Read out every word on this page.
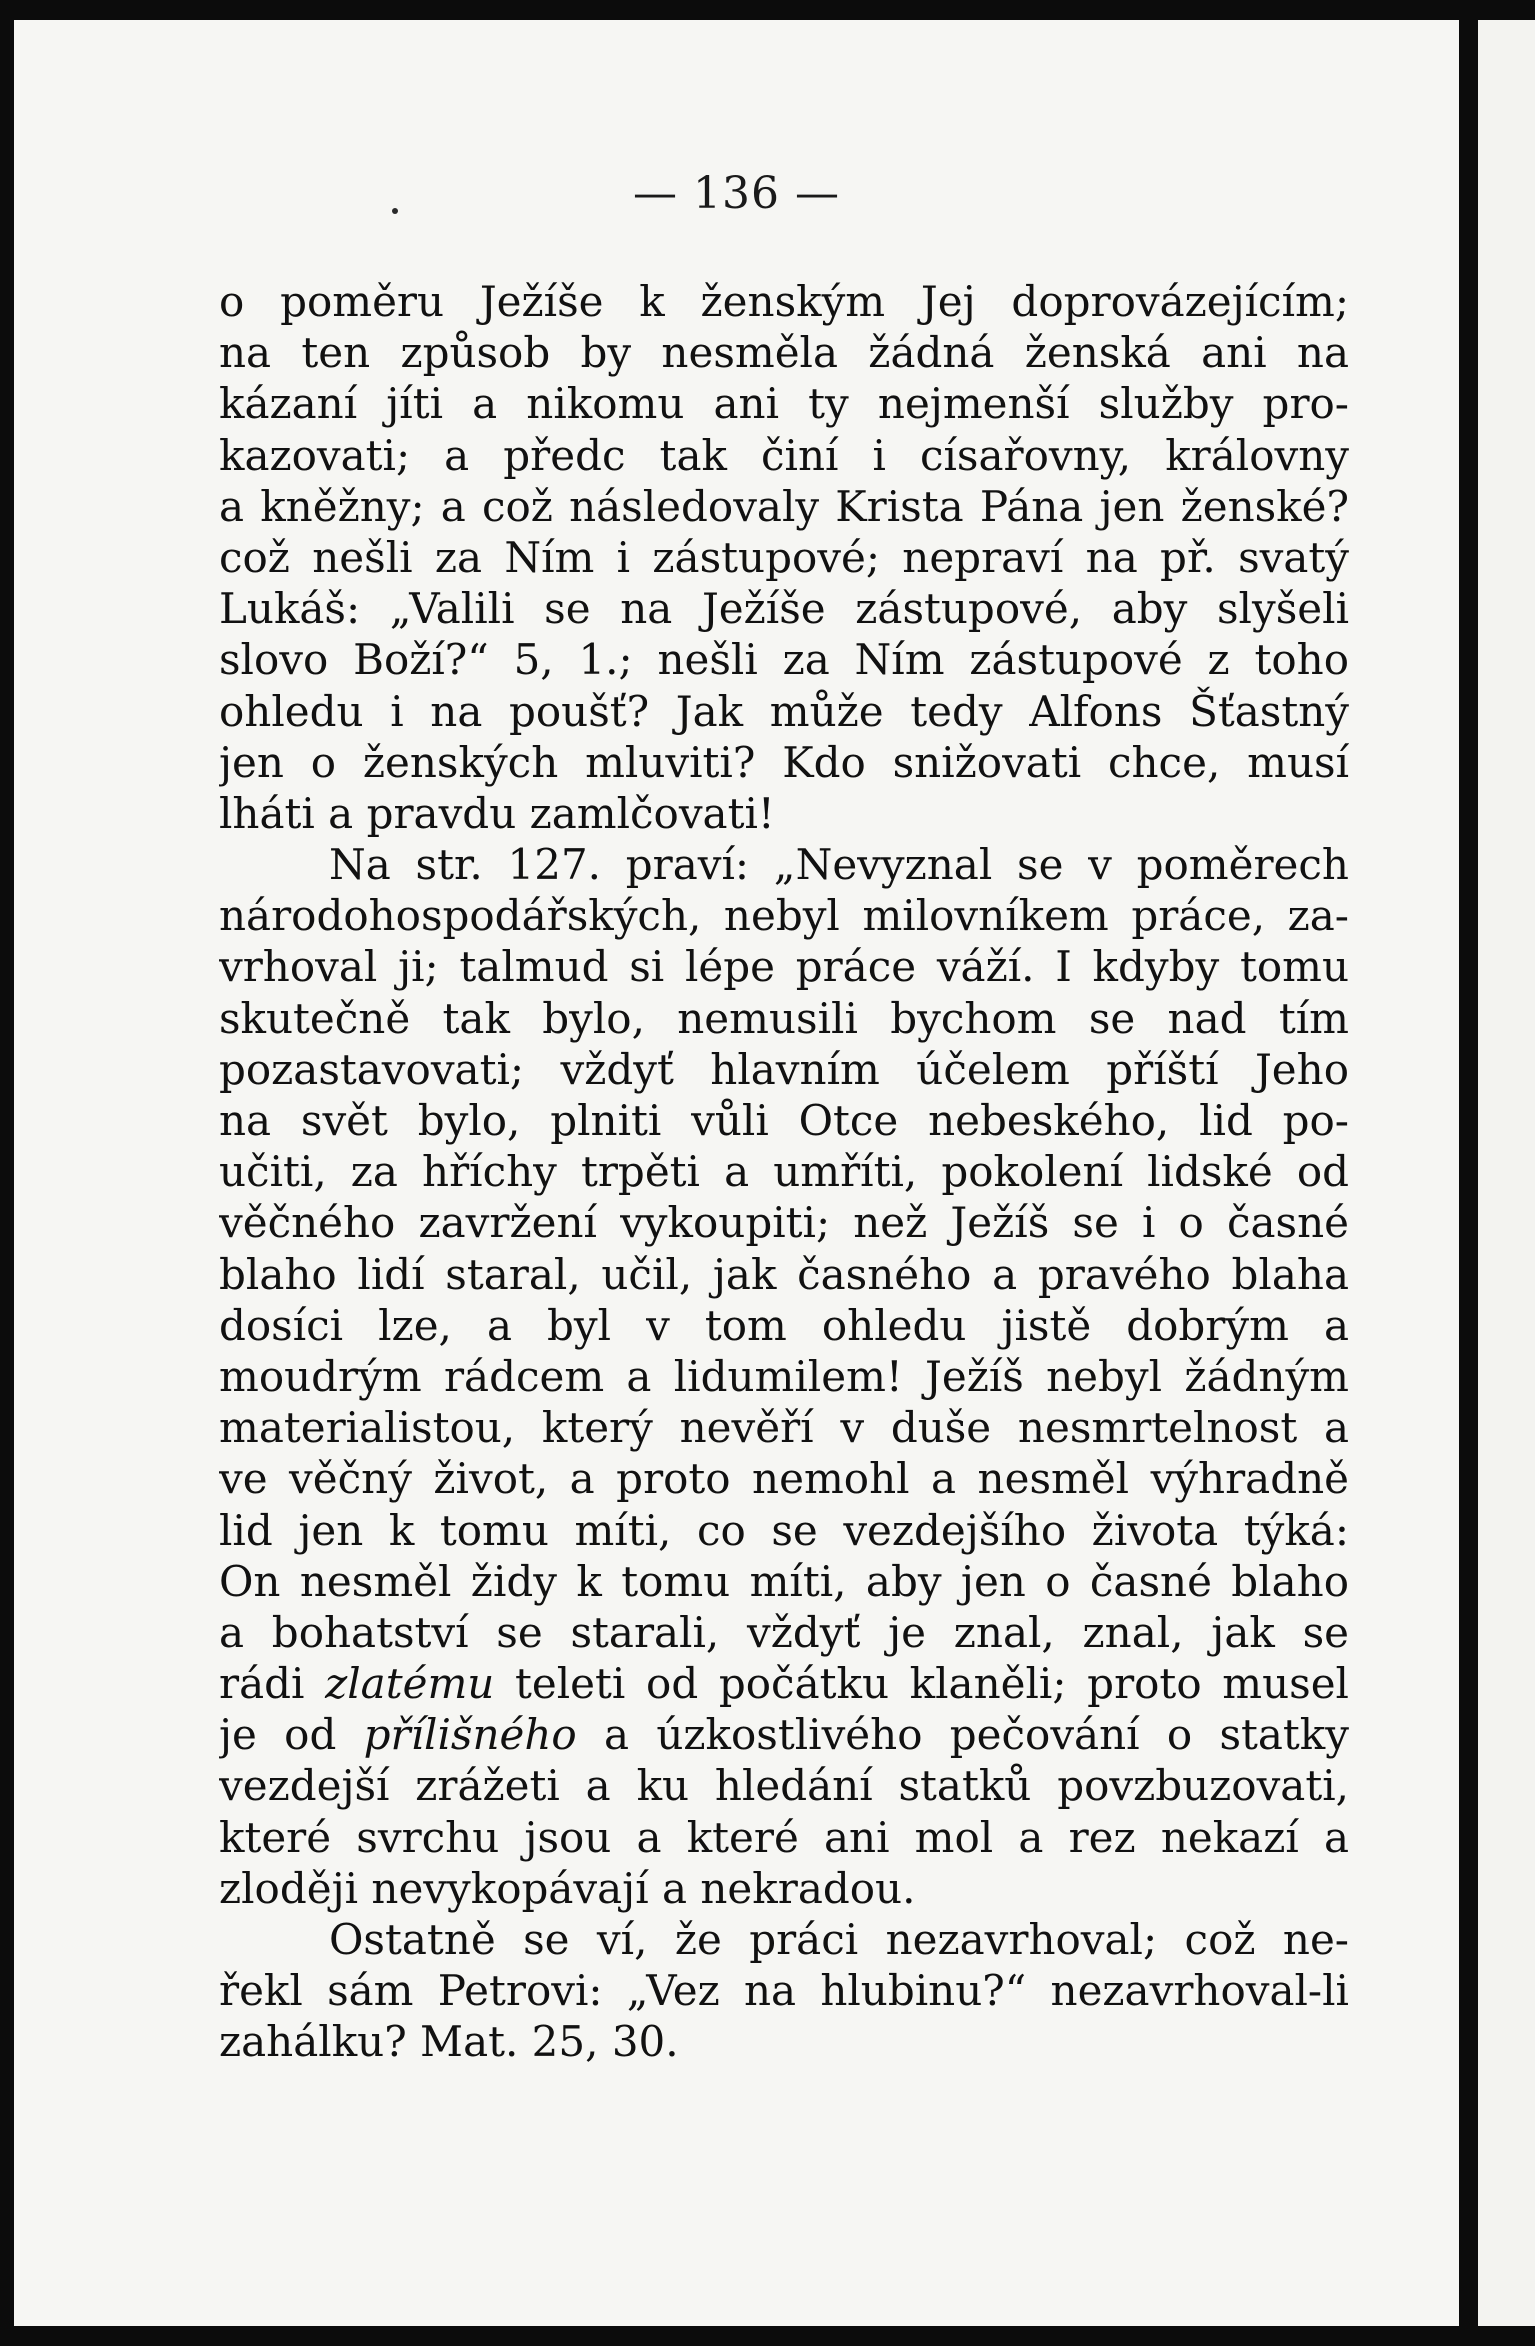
— 136 —
o poměru Ježíše k ženským Jej doprovázejícím;
na ten způsob by nesměla žádná ženská ani na
kázaní jíti a nikomu ani ty nejmenší služby pro-
kazovati; a předc tak činí i císařovny, královny
a kněžny; a což následovaly Krista Pána jen ženské?
což nešli za Ním i zástupové; nepraví na př. svatý
Lukáš: „Valili se na Ježíše zástupové, aby slyšeli
slovo Boží?“ 5, 1.; nešli za Ním zástupové z toho
ohledu i na poušť? Jak může tedy Alfons Šťastný
jen o ženských mluviti? Kdo snižovati chce, musí
lháti a pravdu zamlčovati!
Na str. 127. praví: „Nevyznal se v poměrech
národohospodářských, nebyl milovníkem práce, za-
vrhoval ji; talmud si lépe práce váží. I kdyby tomu
skutečně tak bylo, nemusili bychom se nad tím
pozastavovati; vždyť hlavním účelem příští Jeho
na svět bylo, plniti vůli Otce nebeského, lid po-
učiti, za hříchy trpěti a umříti, pokolení lidské od
věčného zavržení vykoupiti; než Ježíš se i o časné
blaho lidí staral, učil, jak časného a pravého blaha
dosíci lze, a byl v tom ohledu jistě dobrým a
moudrým rádcem a lidumilem! Ježíš nebyl žádným
materialistou, který nevěří v duše nesmrtelnost a
ve věčný život, a proto nemohl a nesměl výhradně
lid jen k tomu míti, co se vezdejšího života týká:
On nesměl židy k tomu míti, aby jen o časné blaho
a bohatství se starali, vždyť je znal, znal, jak se
rádi zlatému teleti od počátku klaněli; proto musel
je od přílišného a úzkostlivého pečování o statky
vezdejší zrážeti a ku hledání statků povzbuzovati,
které svrchu jsou a které ani mol a rez nekazí a
zloději nevykopávají a nekradou.
Ostatně se ví, že práci nezavrhoval; což ne-
řekl sám Petrovi: „Vez na hlubinu?“ nezavrhoval-li
zahálku? Mat. 25, 30.
